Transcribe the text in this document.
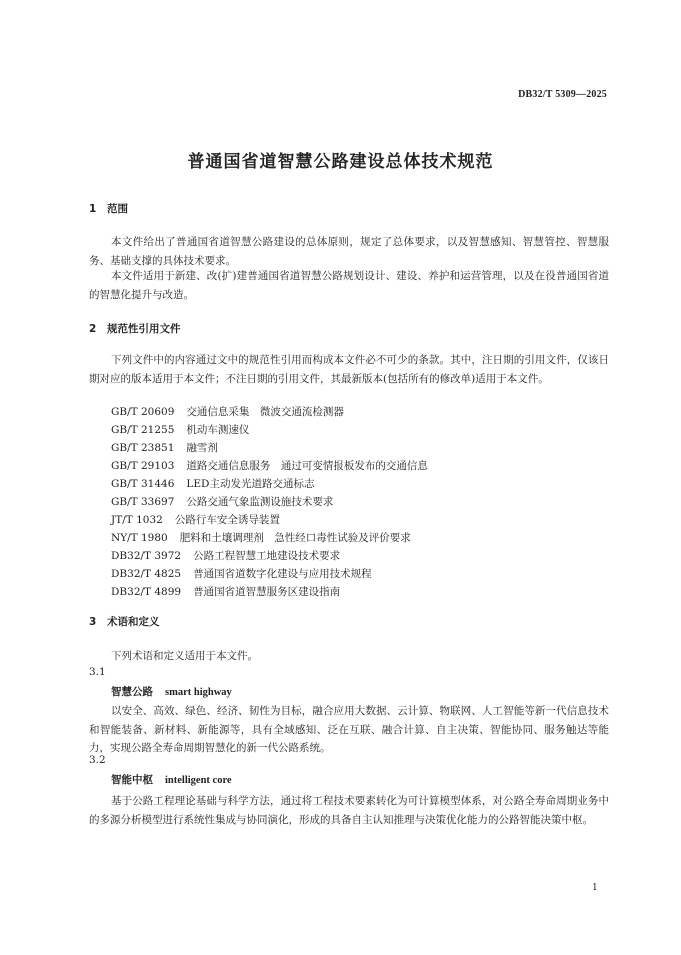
DB32/T 5309—2025
普通国省道智慧公路建设总体技术规范
1 范围
本文件给出了普通国省道智慧公路建设的总体原则，规定了总体要求，以及智慧感知、智慧管控、智慧服务、基础支撑的具体技术要求。
本文件适用于新建、改(扩)建普通国省道智慧公路规划设计、建设、养护和运营管理，以及在役普通国省道的智慧化提升与改造。
2 规范性引用文件
下列文件中的内容通过文中的规范性引用而构成本文件必不可少的条款。其中，注日期的引用文件，仅该日期对应的版本适用于本文件；不注日期的引用文件，其最新版本(包括所有的修改单)适用于本文件。
GB/T 20609 交通信息采集　微波交通流检测器
GB/T 21255 机动车测速仪
GB/T 23851 融雪剂
GB/T 29103 道路交通信息服务　通过可变情报板发布的交通信息
GB/T 31446 LED主动发光道路交通标志
GB/T 33697 公路交通气象监测设施技术要求
JT/T 1032 公路行车安全诱导装置
NY/T 1980 肥料和土壤调理剂　急性经口毒性试验及评价要求
DB32/T 3972 公路工程智慧工地建设技术要求
DB32/T 4825 普通国省道数字化建设与应用技术规程
DB32/T 4899 普通国省道智慧服务区建设指南
3 术语和定义
下列术语和定义适用于本文件。
3.1
智慧公路 smart highway
以安全、高效、绿色、经济、韧性为目标，融合应用大数据、云计算、物联网、人工智能等新一代信息技术和智能装备、新材料、新能源等，具有全域感知、泛在互联、融合计算、自主决策、智能协同、服务触达等能力，实现公路全寿命周期智慧化的新一代公路系统。
3.2
智能中枢 intelligent core
基于公路工程理论基础与科学方法，通过将工程技术要素转化为可计算模型体系，对公路全寿命周期业务中的多源分析模型进行系统性集成与协同演化，形成的具备自主认知推理与决策优化能力的公路智能决策中枢。
1
